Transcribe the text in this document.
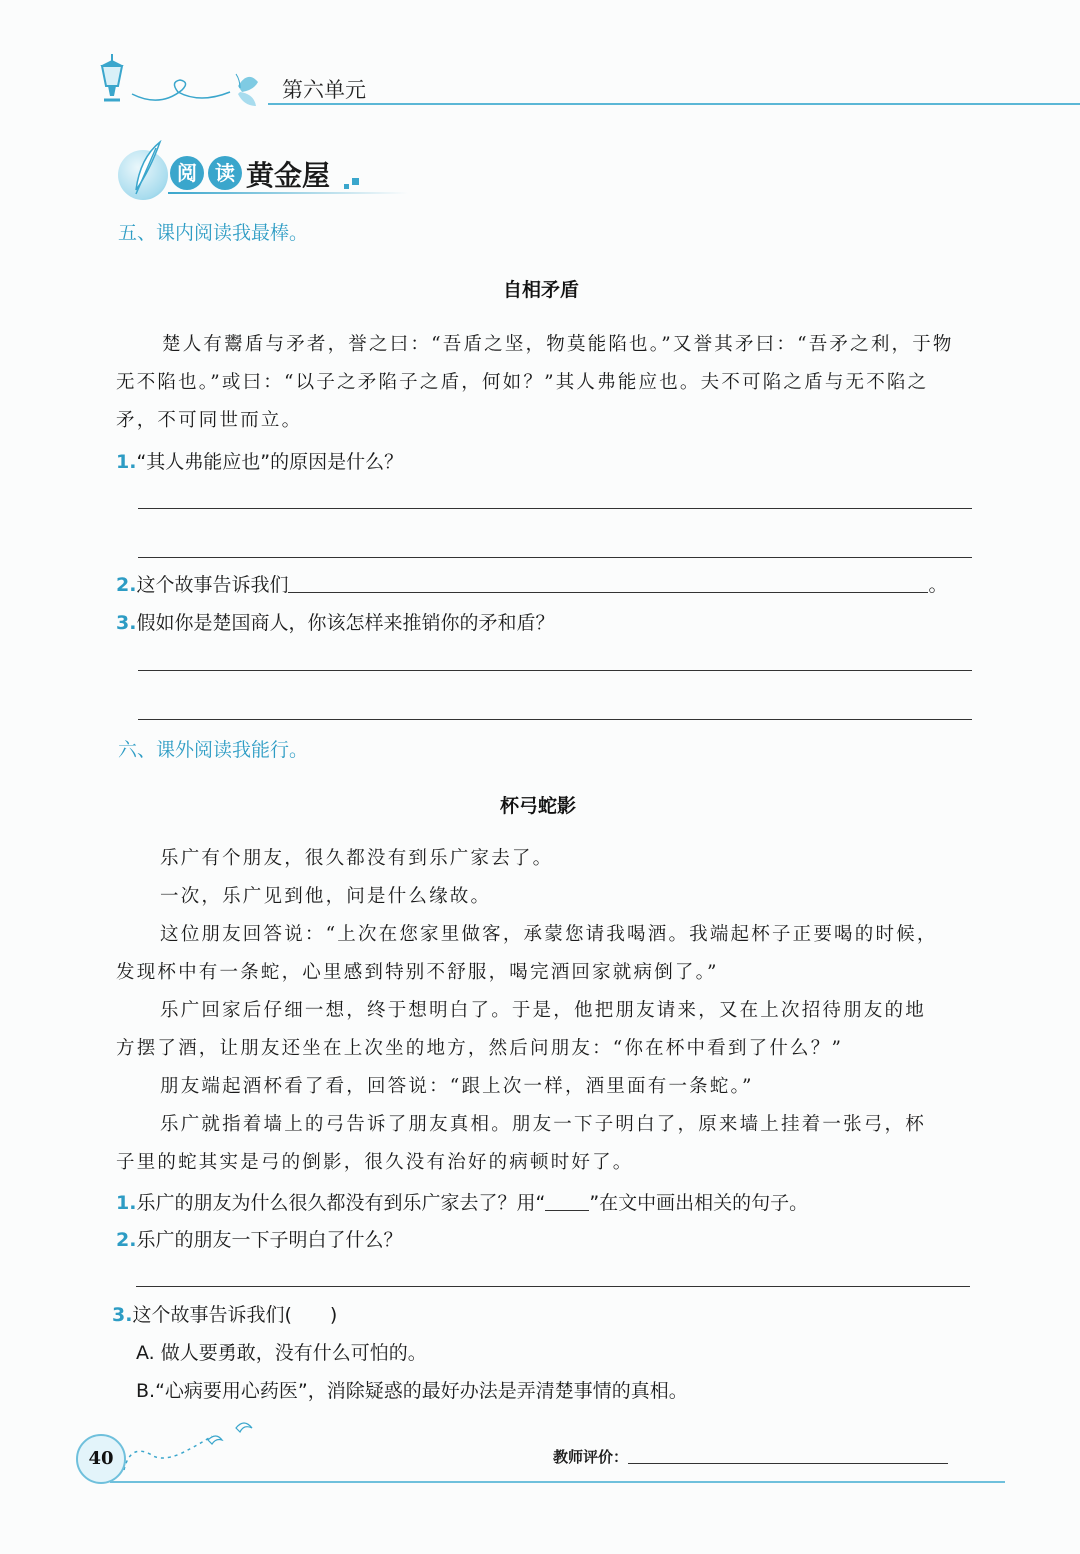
第六单元
阅 读 黄金屋
五、课内阅读我最棒。
自相矛盾
楚人有鬻盾与矛者，誉之曰：“吾盾之坚，物莫能陷也。”又誉其矛曰：“吾矛之利，于物
无不陷也。”或曰：“以子之矛陷子之盾，何如？”其人弗能应也。夫不可陷之盾与无不陷之
矛，不可同世而立。
1.“其人弗能应也”的原因是什么？
2.这个故事告诉我们	。
3.假如你是楚国商人，你该怎样来推销你的矛和盾？
六、课外阅读我能行。
杯弓蛇影
乐广有个朋友，很久都没有到乐广家去了。
一次，乐广见到他，问是什么缘故。
这位朋友回答说：“上次在您家里做客，承蒙您请我喝酒。我端起杯子正要喝的时候，
发现杯中有一条蛇，心里感到特别不舒服，喝完酒回家就病倒了。”
乐广回家后仔细一想，终于想明白了。于是，他把朋友请来，又在上次招待朋友的地
方摆了酒，让朋友还坐在上次坐的地方，然后问朋友：“你在杯中看到了什么？”
朋友端起酒杯看了看，回答说：“跟上次一样，酒里面有一条蛇。”
乐广就指着墙上的弓告诉了朋友真相。朋友一下子明白了，原来墙上挂着一张弓，杯
子里的蛇其实是弓的倒影，很久没有治好的病顿时好了。
1.乐广的朋友为什么很久都没有到乐广家去了？用“ ”在文中画出相关的句子。
2.乐广的朋友一下子明白了什么？
3.这个故事告诉我们(　　)
A. 做人要勇敢，没有什么可怕的。
B.“心病要用心药医”，消除疑惑的最好办法是弄清楚事情的真相。
40	教师评价：
